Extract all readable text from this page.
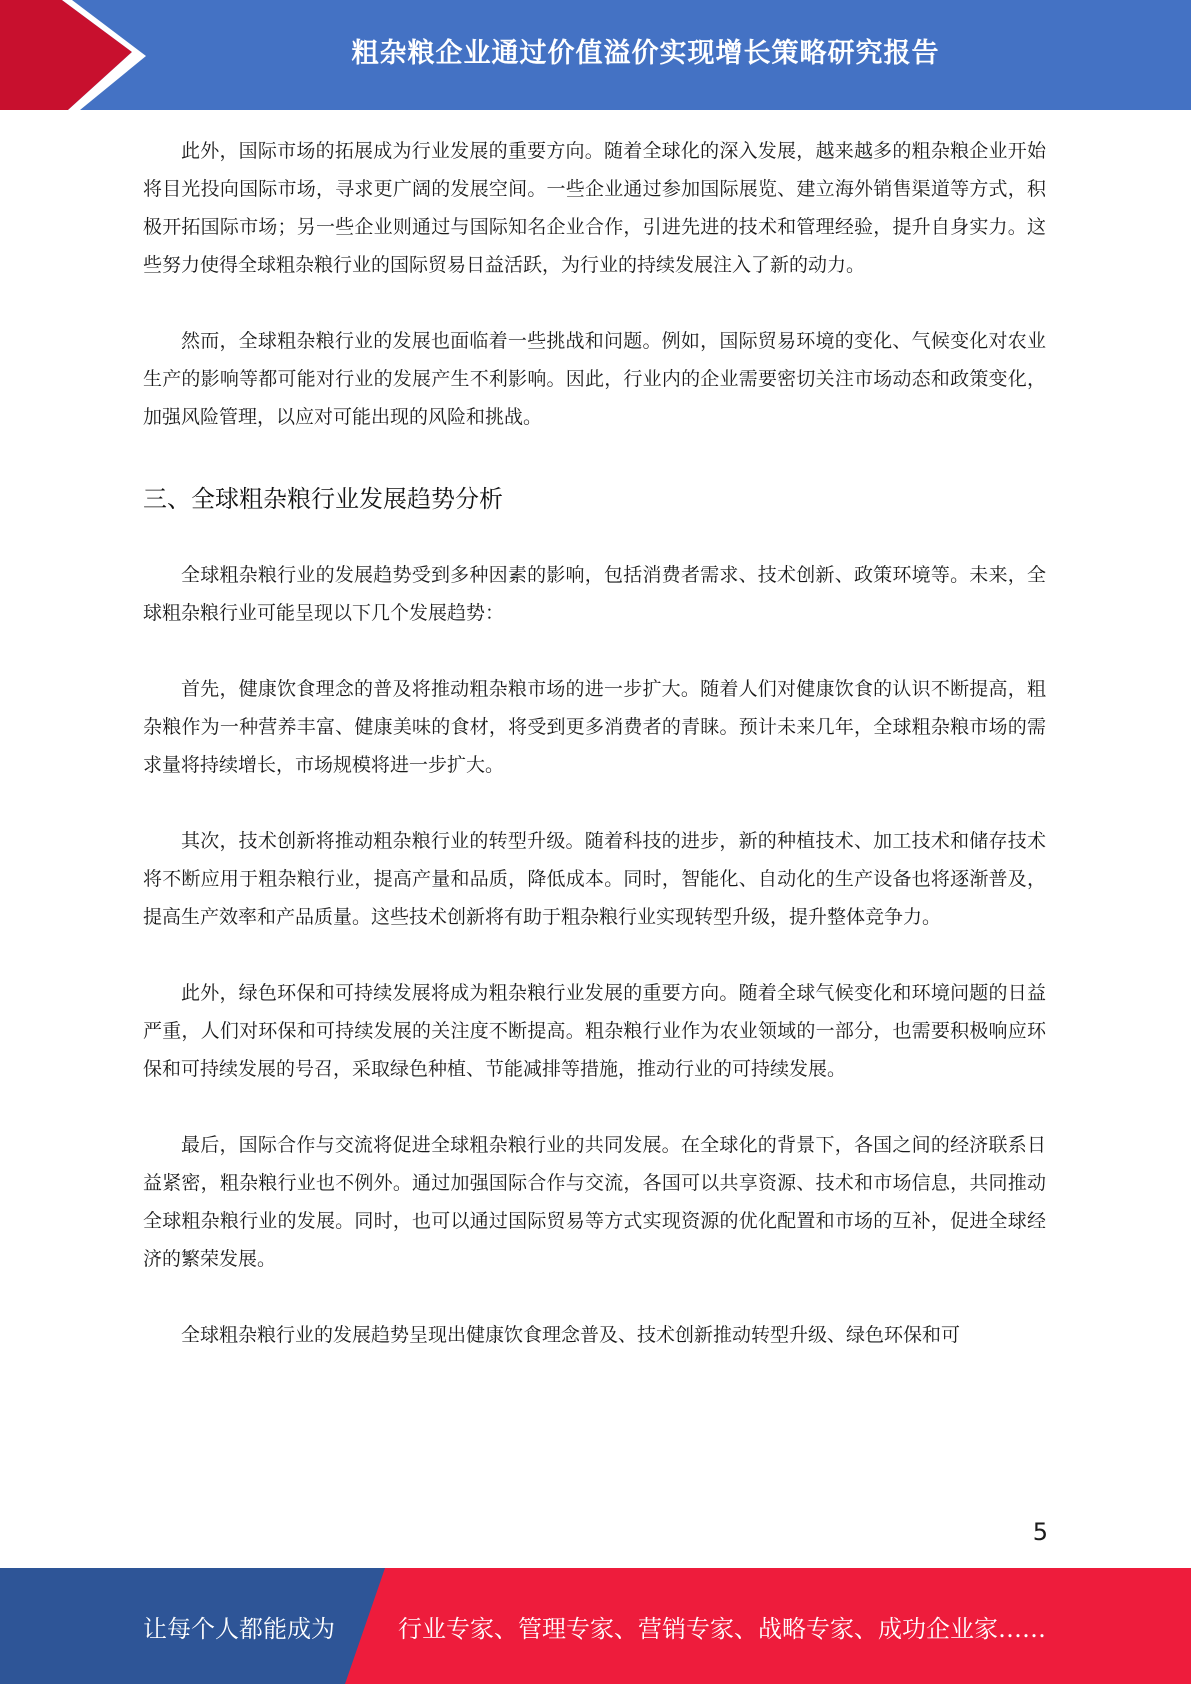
粗杂粮企业通过价值溢价实现增长策略研究报告

此外，国际市场的拓展成为行业发展的重要方向。随着全球化的深入发展，越来越多的粗杂粮企业开始将目光投向国际市场，寻求更广阔的发展空间。一些企业通过参加国际展览、建立海外销售渠道等方式，积极开拓国际市场；另一些企业则通过与国际知名企业合作，引进先进的技术和管理经验，提升自身实力。这些努力使得全球粗杂粮行业的国际贸易日益活跃，为行业的持续发展注入了新的动力。

然而，全球粗杂粮行业的发展也面临着一些挑战和问题。例如，国际贸易环境的变化、气候变化对农业生产的影响等都可能对行业的发展产生不利影响。因此，行业内的企业需要密切关注市场动态和政策变化，加强风险管理，以应对可能出现的风险和挑战。

三、全球粗杂粮行业发展趋势分析

全球粗杂粮行业的发展趋势受到多种因素的影响，包括消费者需求、技术创新、政策环境等。未来，全球粗杂粮行业可能呈现以下几个发展趋势：

首先，健康饮食理念的普及将推动粗杂粮市场的进一步扩大。随着人们对健康饮食的认识不断提高，粗杂粮作为一种营养丰富、健康美味的食材，将受到更多消费者的青睐。预计未来几年，全球粗杂粮市场的需求量将持续增长，市场规模将进一步扩大。

其次，技术创新将推动粗杂粮行业的转型升级。随着科技的进步，新的种植技术、加工技术和储存技术将不断应用于粗杂粮行业，提高产量和品质，降低成本。同时，智能化、自动化的生产设备也将逐渐普及，提高生产效率和产品质量。这些技术创新将有助于粗杂粮行业实现转型升级，提升整体竞争力。

此外，绿色环保和可持续发展将成为粗杂粮行业发展的重要方向。随着全球气候变化和环境问题的日益严重，人们对环保和可持续发展的关注度不断提高。粗杂粮行业作为农业领域的一部分，也需要积极响应环保和可持续发展的号召，采取绿色种植、节能减排等措施，推动行业的可持续发展。

最后，国际合作与交流将促进全球粗杂粮行业的共同发展。在全球化的背景下，各国之间的经济联系日益紧密，粗杂粮行业也不例外。通过加强国际合作与交流，各国可以共享资源、技术和市场信息，共同推动全球粗杂粮行业的发展。同时，也可以通过国际贸易等方式实现资源的优化配置和市场的互补，促进全球经济的繁荣发展。

全球粗杂粮行业的发展趋势呈现出健康饮食理念普及、技术创新推动转型升级、绿色环保和可

5
让每个人都能成为	行业专家、管理专家、营销专家、战略专家、成功企业家……
